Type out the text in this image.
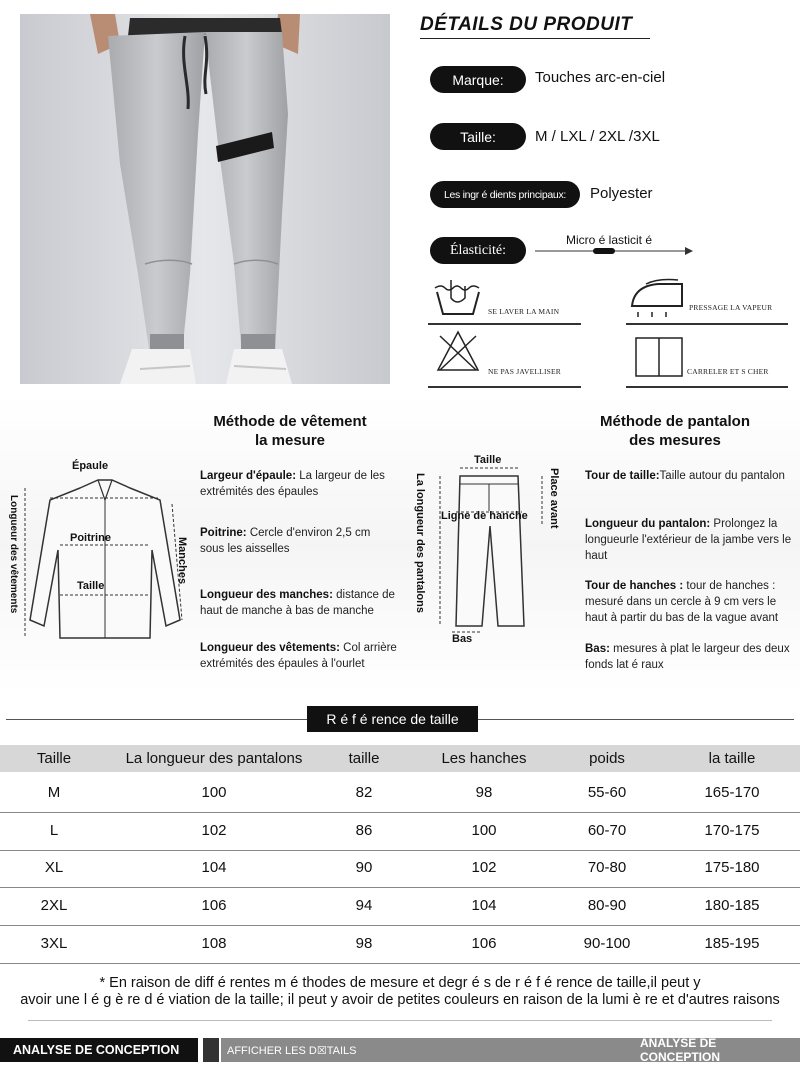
DÉTAILS DU PRODUIT
Marque:	Touches arc-en-ciel
Taille:	M / LXL / 2XL /3XL
Les ingr é dients principaux:	Polyester
Élasticité:
Micro é lasticit é
SE LAVER LA MAIN	PRESSAGE LA VAPEUR
NE PAS JAVELLISER	CARRELER ET S CHER
Méthode de vêtement
la mesure
Méthode de pantalon
des mesures
Épaule
Poitrine
Taille
Manches
Longueur des vêtements
Largeur d'épaule: La largeur de les extrémités des épaules
Poitrine: Cercle d'environ 2,5 cm sous les aisselles
Longueur des manches: distance de haut de manche à bas de manche
Longueur des vêtements: Col arrière extrémités des épaules à l'ourlet
Taille
Ligne de hanche
Bas
La longueur des pantalons	Place avant Tour de taille:Taille autour du pantalon
Longueur du pantalon: Prolongez la longueurle l'extérieur de la jambe vers le haut
Tour de hanches : tour de hanches : mesuré dans un cercle à 9 cm vers le haut à partir du bas de la vague avant
Bas: mesures à plat le largeur des deux fonds lat é raux
R é f é rence de taille
Taille	La longueur des pantalons	taille	Les hanches	poids	la taille
M	100	82	98	55-60	165-170
L	102	86	100	60-70	170-175
XL	104	90	102	70-80	175-180
2XL	106	94	104	80-90	180-185
3XL	108	98	106	90-100	185-195
* En raison de diff é rentes m é thodes de mesure et degr é s de r é f é rence de taille,il peut y
avoir une l é g è re d é viation de la taille; il peut y avoir de petites couleurs en raison de la lumi è re et d'autres raisons
ANALYSE DE CONCEPTION	AFFICHER LES D☒TAILS
ANALYSE DE CONCEPTION
